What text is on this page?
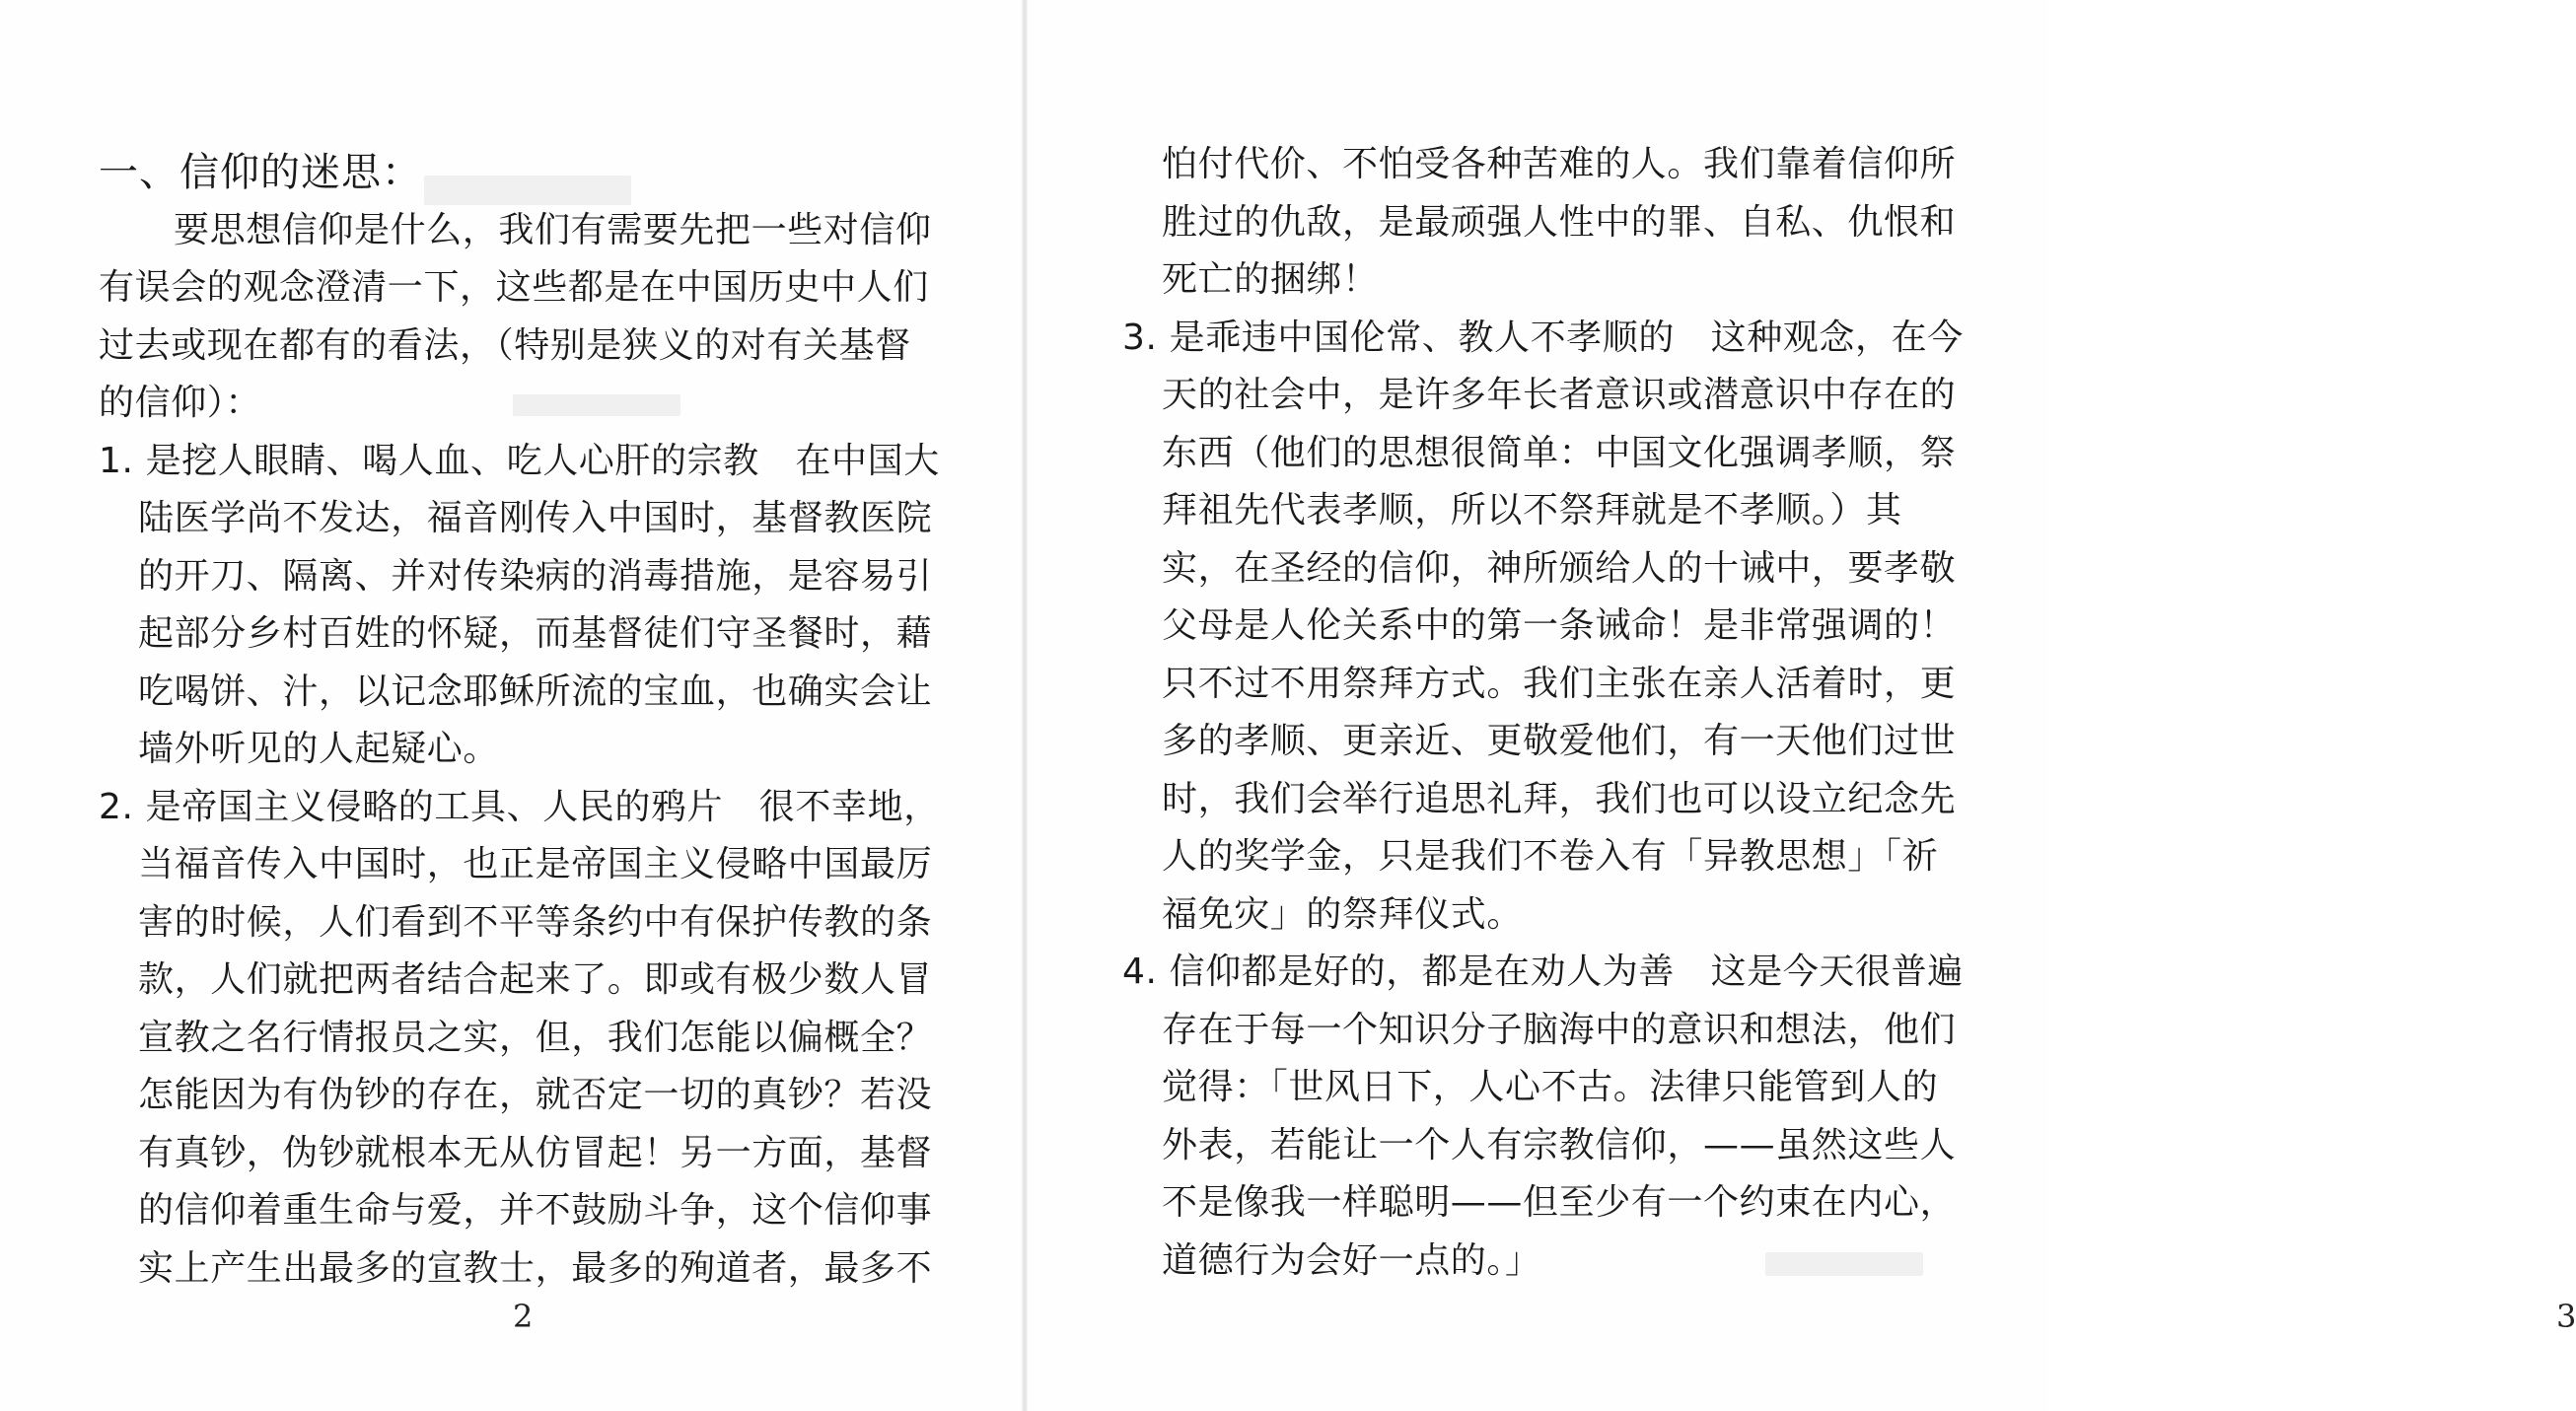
一、信仰的迷思：
要思想信仰是什么，我们有需要先把一些对信仰
有误会的观念澄清一下，这些都是在中国历史中人们
过去或现在都有的看法，（特别是狭义的对有关基督
的信仰）：
1. 是挖人眼睛、喝人血、吃人心肝的宗教　在中国大
陆医学尚不发达，福音刚传入中国时，基督教医院
的开刀、隔离、并对传染病的消毒措施，是容易引
起部分乡村百姓的怀疑，而基督徒们守圣餐时，藉
吃喝饼、汁，以记念耶稣所流的宝血，也确实会让
墙外听见的人起疑心。
2. 是帝国主义侵略的工具、人民的鸦片　很不幸地，
当福音传入中国时，也正是帝国主义侵略中国最厉
害的时候，人们看到不平等条约中有保护传教的条
款，人们就把两者结合起来了。即或有极少数人冒
宣教之名行情报员之实，但，我们怎能以偏概全？
怎能因为有伪钞的存在，就否定一切的真钞？若没
有真钞，伪钞就根本无从仿冒起！另一方面，基督
的信仰着重生命与爱，并不鼓励斗争，这个信仰事
实上产生出最多的宣教士，最多的殉道者，最多不
2	3
怕付代价、不怕受各种苦难的人。我们靠着信仰所
胜过的仇敌，是最顽强人性中的罪、自私、仇恨和
死亡的捆绑！
3. 是乖违中国伦常、教人不孝顺的　这种观念，在今
天的社会中，是许多年长者意识或潜意识中存在的
东西（他们的思想很简单：中国文化强调孝顺，祭
拜祖先代表孝顺，所以不祭拜就是不孝顺。）其
实，在圣经的信仰，神所颁给人的十诫中，要孝敬
父母是人伦关系中的第一条诫命！是非常强调的！
只不过不用祭拜方式。我们主张在亲人活着时，更
多的孝顺、更亲近、更敬爱他们，有一天他们过世
时，我们会举行追思礼拜，我们也可以设立纪念先
人的奖学金，只是我们不卷入有「异教思想」「祈
福免灾」的祭拜仪式。
4. 信仰都是好的，都是在劝人为善　这是今天很普遍
存在于每一个知识分子脑海中的意识和想法，他们
觉得：「世风日下，人心不古。法律只能管到人的
外表，若能让一个人有宗教信仰，——虽然这些人
不是像我一样聪明——但至少有一个约束在内心，
道德行为会好一点的。」
